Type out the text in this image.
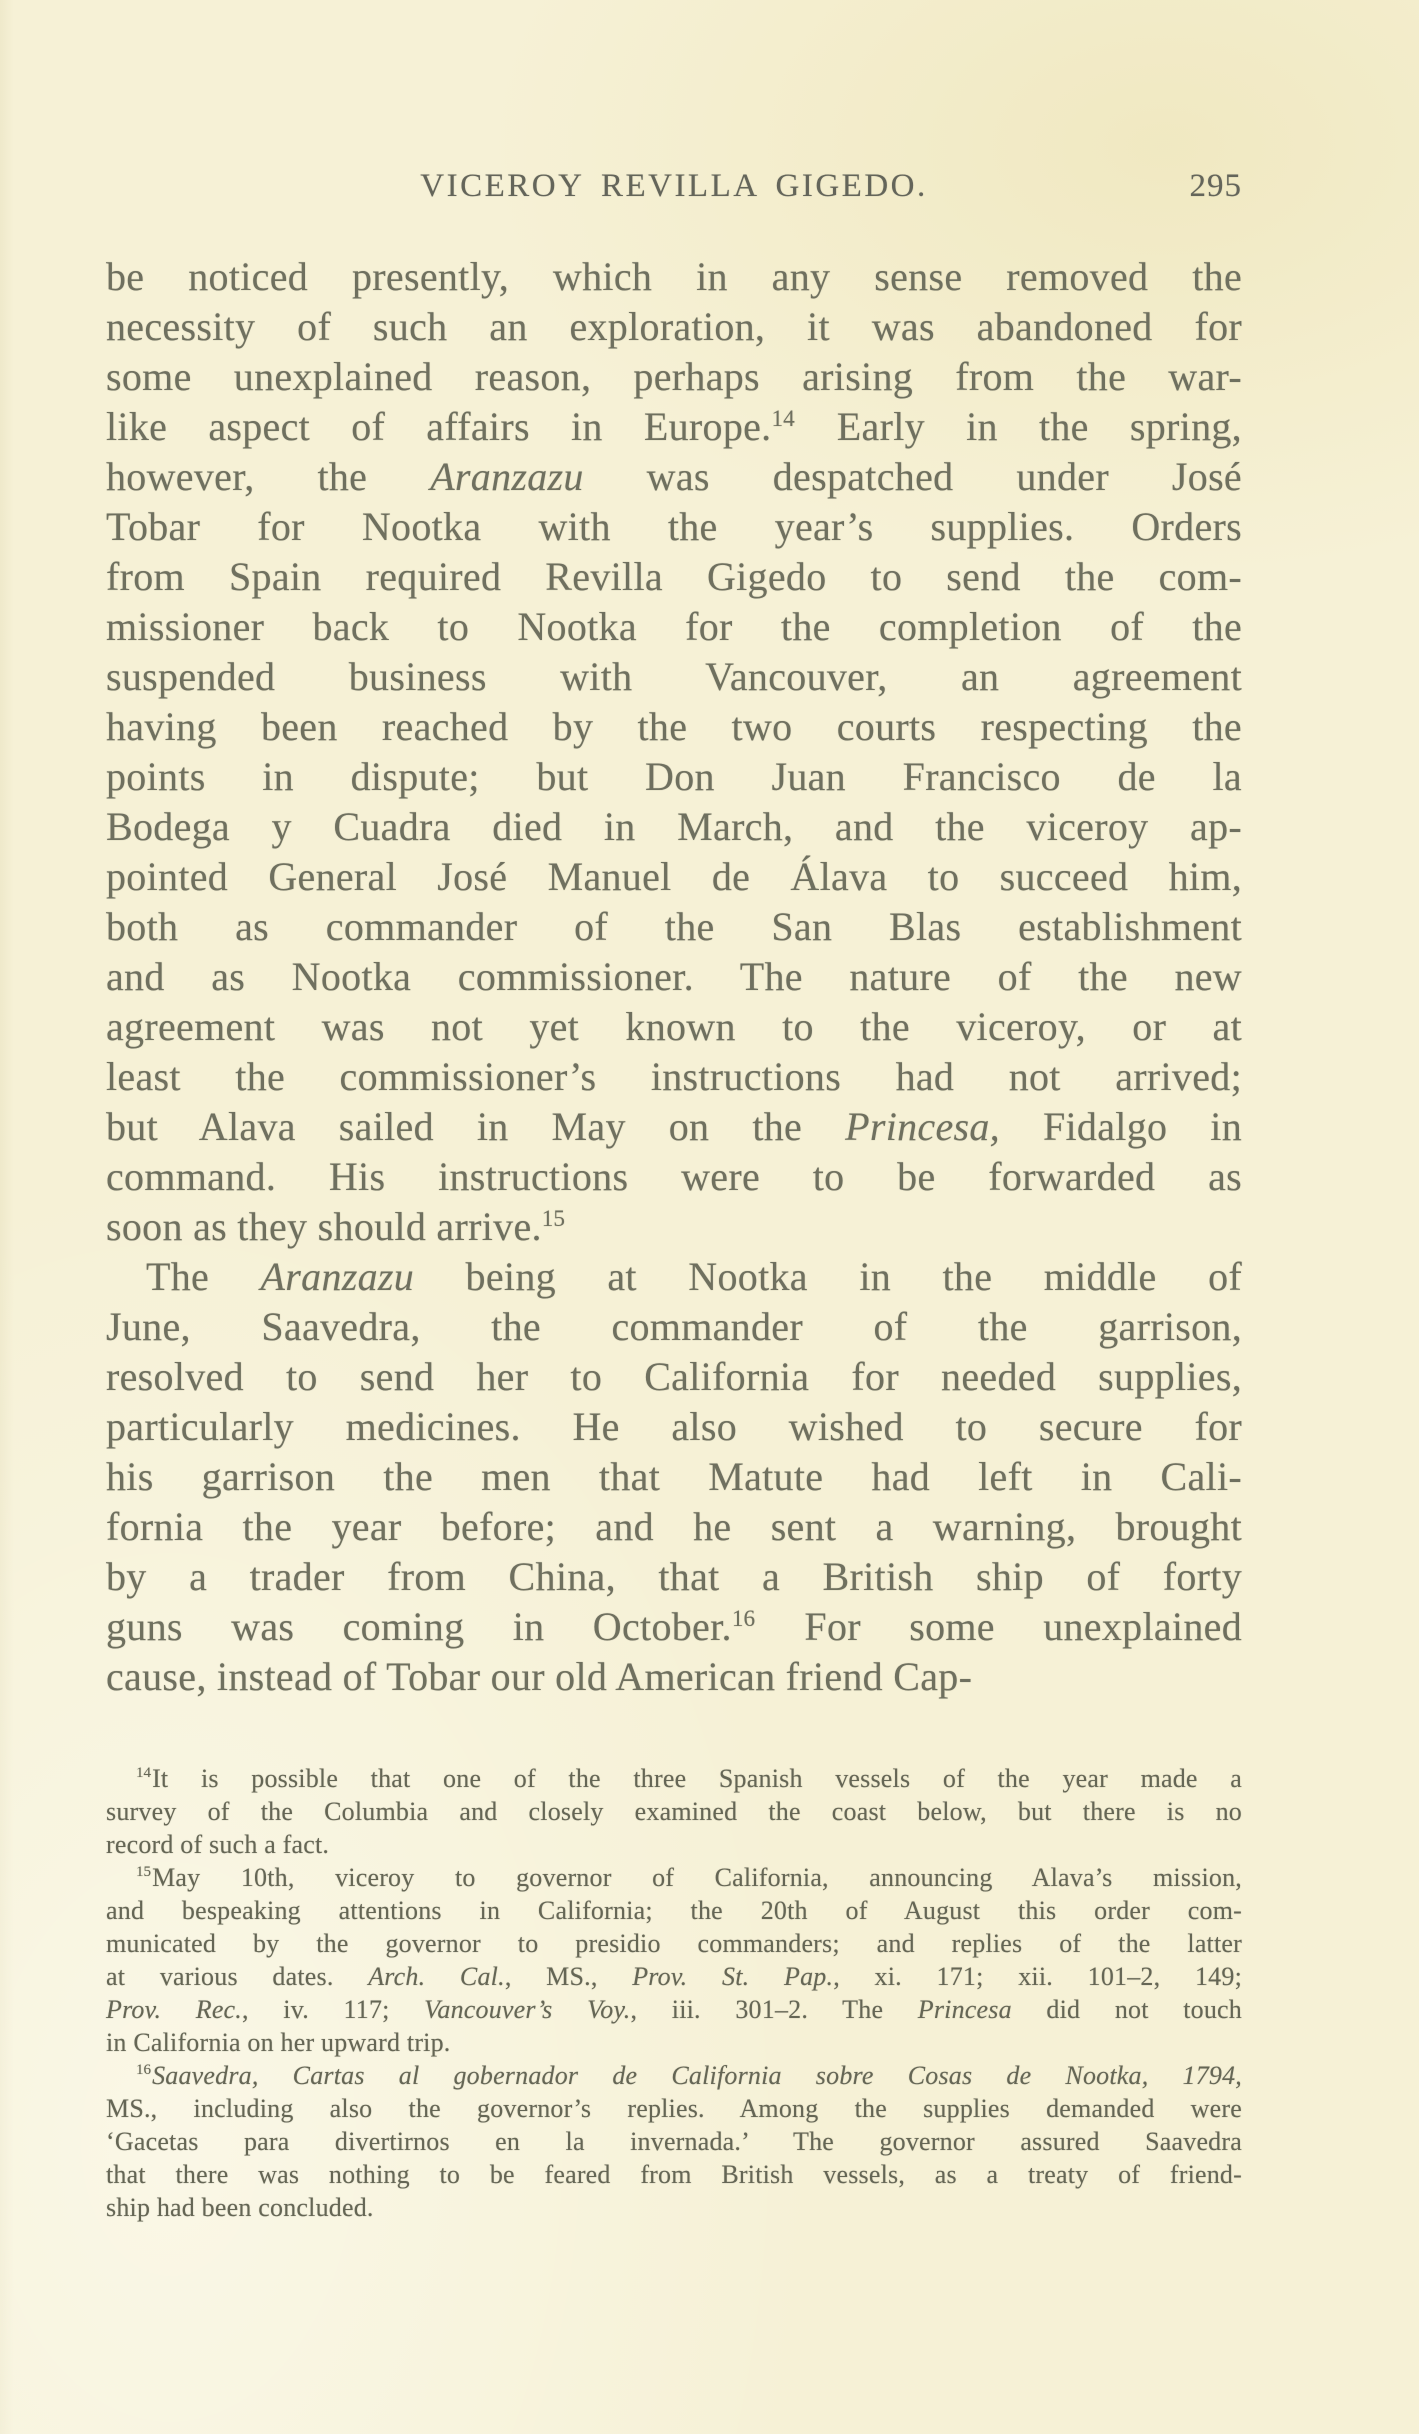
VICEROY REVILLA GIGEDO.	295
be noticed presently, which in any sense removed the
necessity of such an exploration, it was abandoned for
some unexplained reason, perhaps arising from the war-
like aspect of affairs in Europe.$^{14}$ Early in the spring,
however, the Aranzazu was despatched under José
Tobar for Nootka with the year’s supplies. Orders
from Spain required Revilla Gigedo to send the com-
missioner back to Nootka for the completion of the
suspended business with Vancouver, an agreement
having been reached by the two courts respecting the
points in dispute; but Don Juan Francisco de la
Bodega y Cuadra died in March, and the viceroy ap-
pointed General José Manuel de Álava to succeed him,
both as commander of the San Blas establishment
and as Nootka commissioner. The nature of the new
agreement was not yet known to the viceroy, or at
least the commissioner’s instructions had not arrived;
but Alava sailed in May on the Princesa, Fidalgo in
command. His instructions were to be forwarded as
soon as they should arrive.$^{15}$
The Aranzazu being at Nootka in the middle of
June, Saavedra, the commander of the garrison,
resolved to send her to California for needed supplies,
particularly medicines. He also wished to secure for
his garrison the men that Matute had left in Cali-
fornia the year before; and he sent a warning, brought
by a trader from China, that a British ship of forty
guns was coming in October.$^{16}$ For some unexplained
cause, instead of Tobar our old American friend Cap-
$^{14}$It is possible that one of the three Spanish vessels of the year made a
survey of the Columbia and closely examined the coast below, but there is no
record of such a fact.
$^{15}$May 10th, viceroy to governor of California, announcing Alava’s mission,
and bespeaking attentions in California; the 20th of August this order com-
municated by the governor to presidio commanders; and replies of the latter
at various dates. Arch. Cal., MS., Prov. St. Pap., xi. 171; xii. 101–2, 149;
Prov. Rec., iv. 117; Vancouver’s Voy., iii. 301–2. The Princesa did not touch
in California on her upward trip.
$^{16}$Saavedra, Cartas al gobernador de California sobre Cosas de Nootka, 1794,
MS., including also the governor’s replies. Among the supplies demanded were
‘Gacetas para divertirnos en la invernada.’ The governor assured Saavedra
that there was nothing to be feared from British vessels, as a treaty of friend-
ship had been concluded.
